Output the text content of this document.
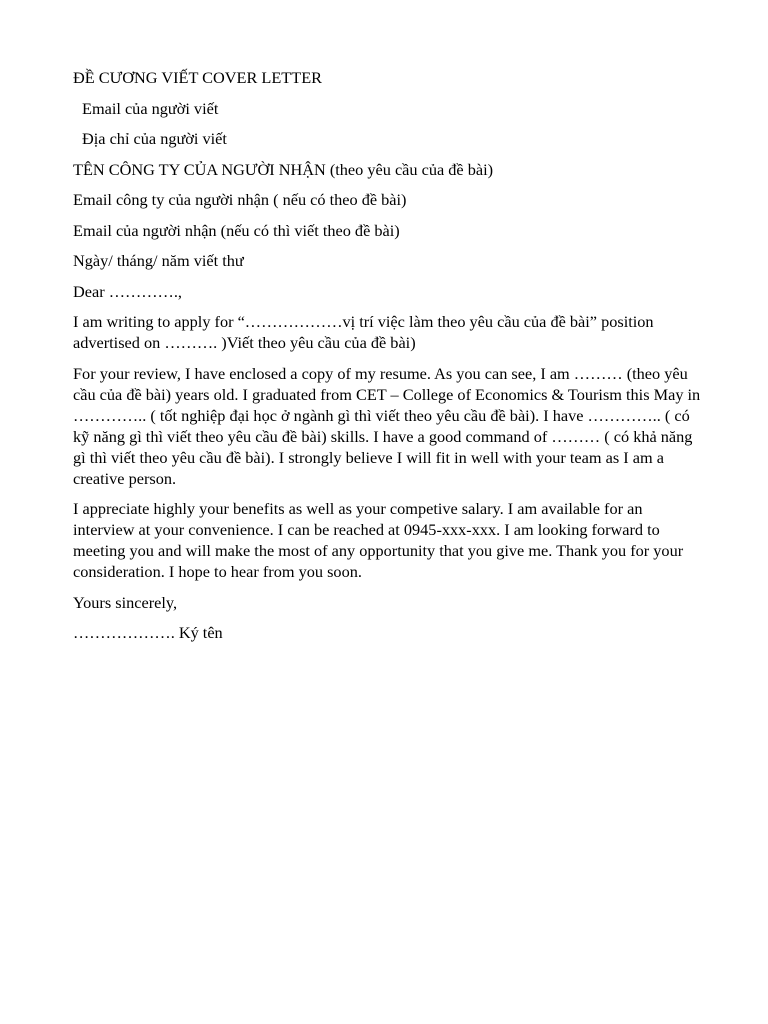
ĐỀ CƯƠNG VIẾT COVER LETTER

Email của người viết

Địa chỉ của người viết

TÊN CÔNG TY CỦA NGƯỜI NHẬN (theo yêu cầu của đề bài)

Email công ty của người nhận ( nếu có theo đề bài)

Email của người nhận (nếu có thì viết theo đề bài)

Ngày/ tháng/ năm viết thư

Dear ………….,

I am writing to apply for “………………vị trí việc làm theo yêu cầu của đề bài” position advertised on ………. )Viết theo yêu cầu của đề bài)

For your review, I have enclosed a copy of my resume. As you can see, I am ……… (theo yêu cầu của đề bài) years old. I graduated from CET – College of Economics & Tourism this May in ………….. ( tốt nghiệp đại học ở ngành gì thì viết theo yêu cầu đề bài). I have ………….. ( có kỹ năng gì thì viết theo yêu cầu đề bài) skills. I have a good command of ……… ( có khả năng gì thì viết theo yêu cầu đề bài). I strongly believe I will fit in well with your team as I am a creative person.

I appreciate highly your benefits as well as your competive salary. I am available for an interview at your convenience. I can be reached at 0945-xxx-xxx. I am looking forward to meeting you and will make the most of any opportunity that you give me. Thank you for your consideration. I hope to hear from you soon.

Yours sincerely,

………………. Ký tên
